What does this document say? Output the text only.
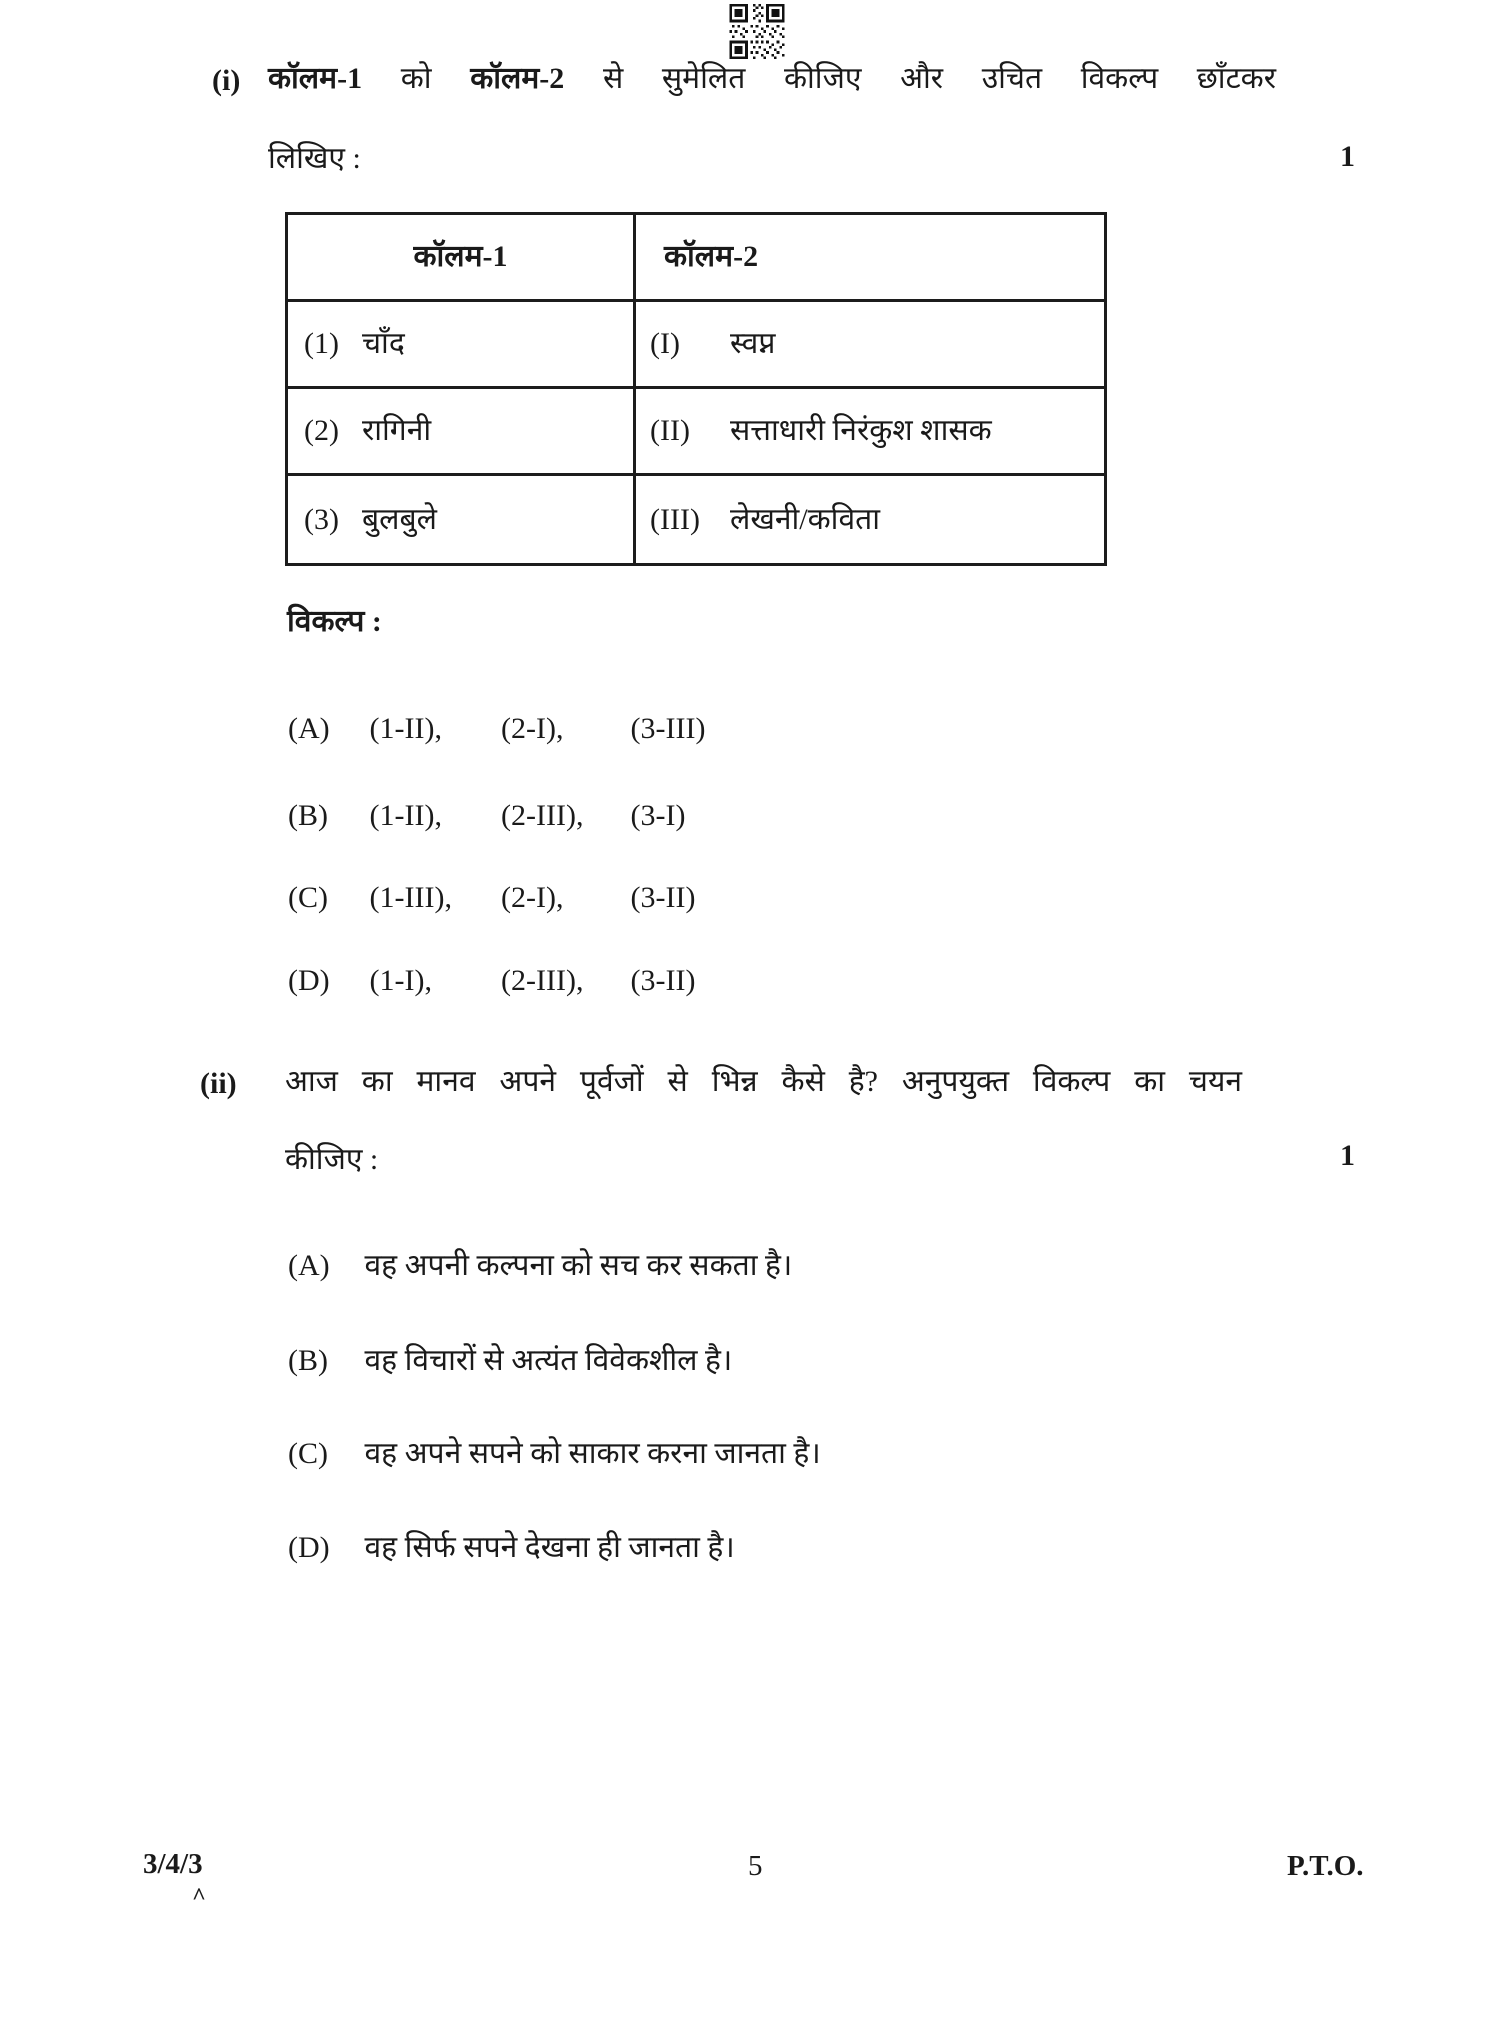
(i) कॉलम-1 को कॉलम-2 से सुमेलित कीजिए और उचित विकल्प छाँटकर
लिखिए :	1
कॉलम-1	कॉलम-2
(1) चाँद	(I)	स्वप्न
(2) रागिनी	(II)	सत्ताधारी निरंकुश शासक
(3) बुलबुले	(III)	लेखनी/कविता
विकल्प :
(A) (1-II), (2-I), (3-III)
(B) (1-II), (2-III), (3-I)
(C) (1-III), (2-I), (3-II)
(D) (1-I), (2-III), (3-II)
(ii) आज का मानव अपने पूर्वजों से भिन्न कैसे है? अनुपयुक्त विकल्प का चयन
कीजिए :	1
(A) वह अपनी कल्पना को सच कर सकता है।
(B) वह विचारों से अत्यंत विवेकशील है।
(C) वह अपने सपने को साकार करना जानता है।
(D) वह सिर्फ सपने देखना ही जानता है।
3/4/3
^
5	P.T.O.
